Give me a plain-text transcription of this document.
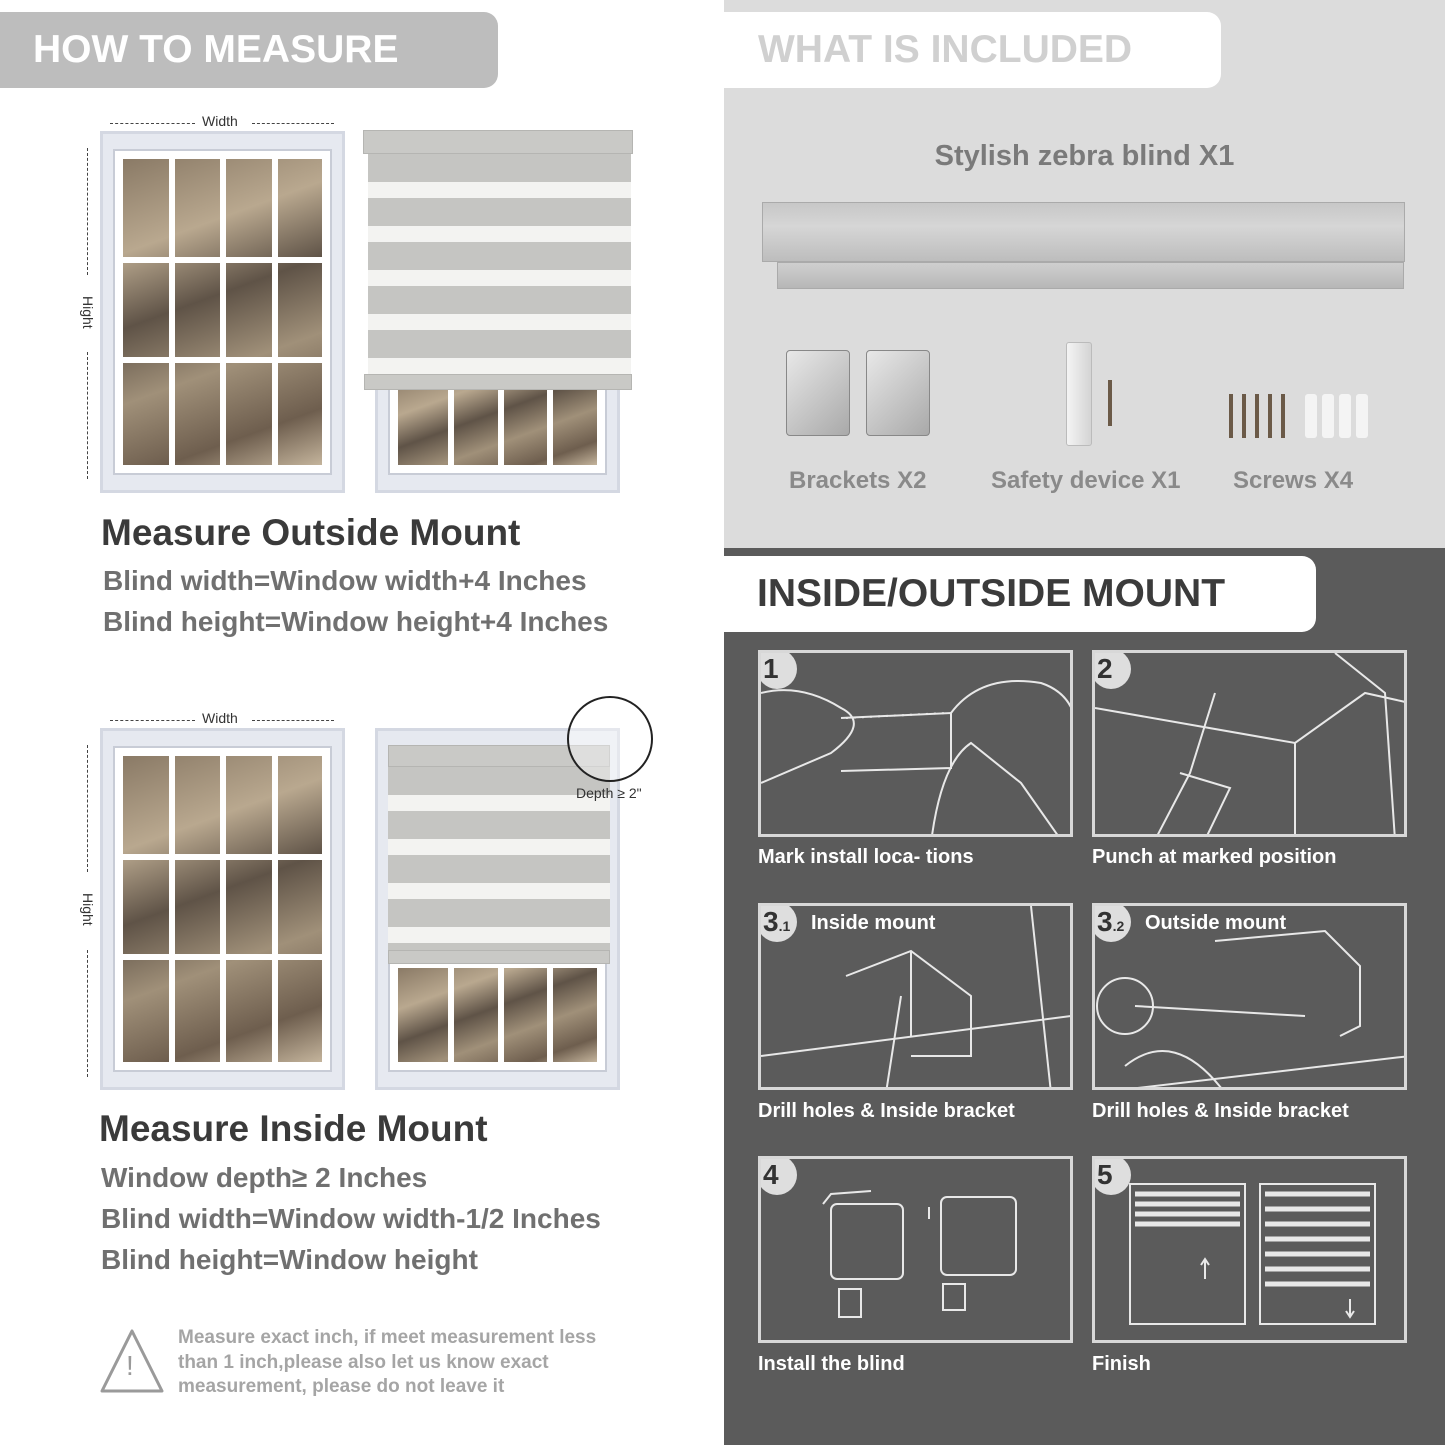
HOW TO MEASURE
Width
Hight
Measure Outside Mount
Blind width=Window width+4 Inches
Blind height=Window height+4 Inches
Width
Hight
Depth ≥ 2"
Measure Inside Mount
Window depth≥ 2 Inches
Blind width=Window width-1/2 Inches
Blind height=Window height
!
Measure exact inch, if meet measurement less than 1 inch,please also let us know exact measurement, please do not leave it
WHAT IS INCLUDED
Stylish zebra blind X1
Brackets X2	Safety device X1 Screws X4
INSIDE/OUTSIDE MOUNT
1
Mark install loca- tions
2
Punch at marked position
3.1	Inside mount
Drill holes & Inside bracket
3.2	Outside mount
Drill holes & Inside bracket
4
Install the blind
5
Finish
